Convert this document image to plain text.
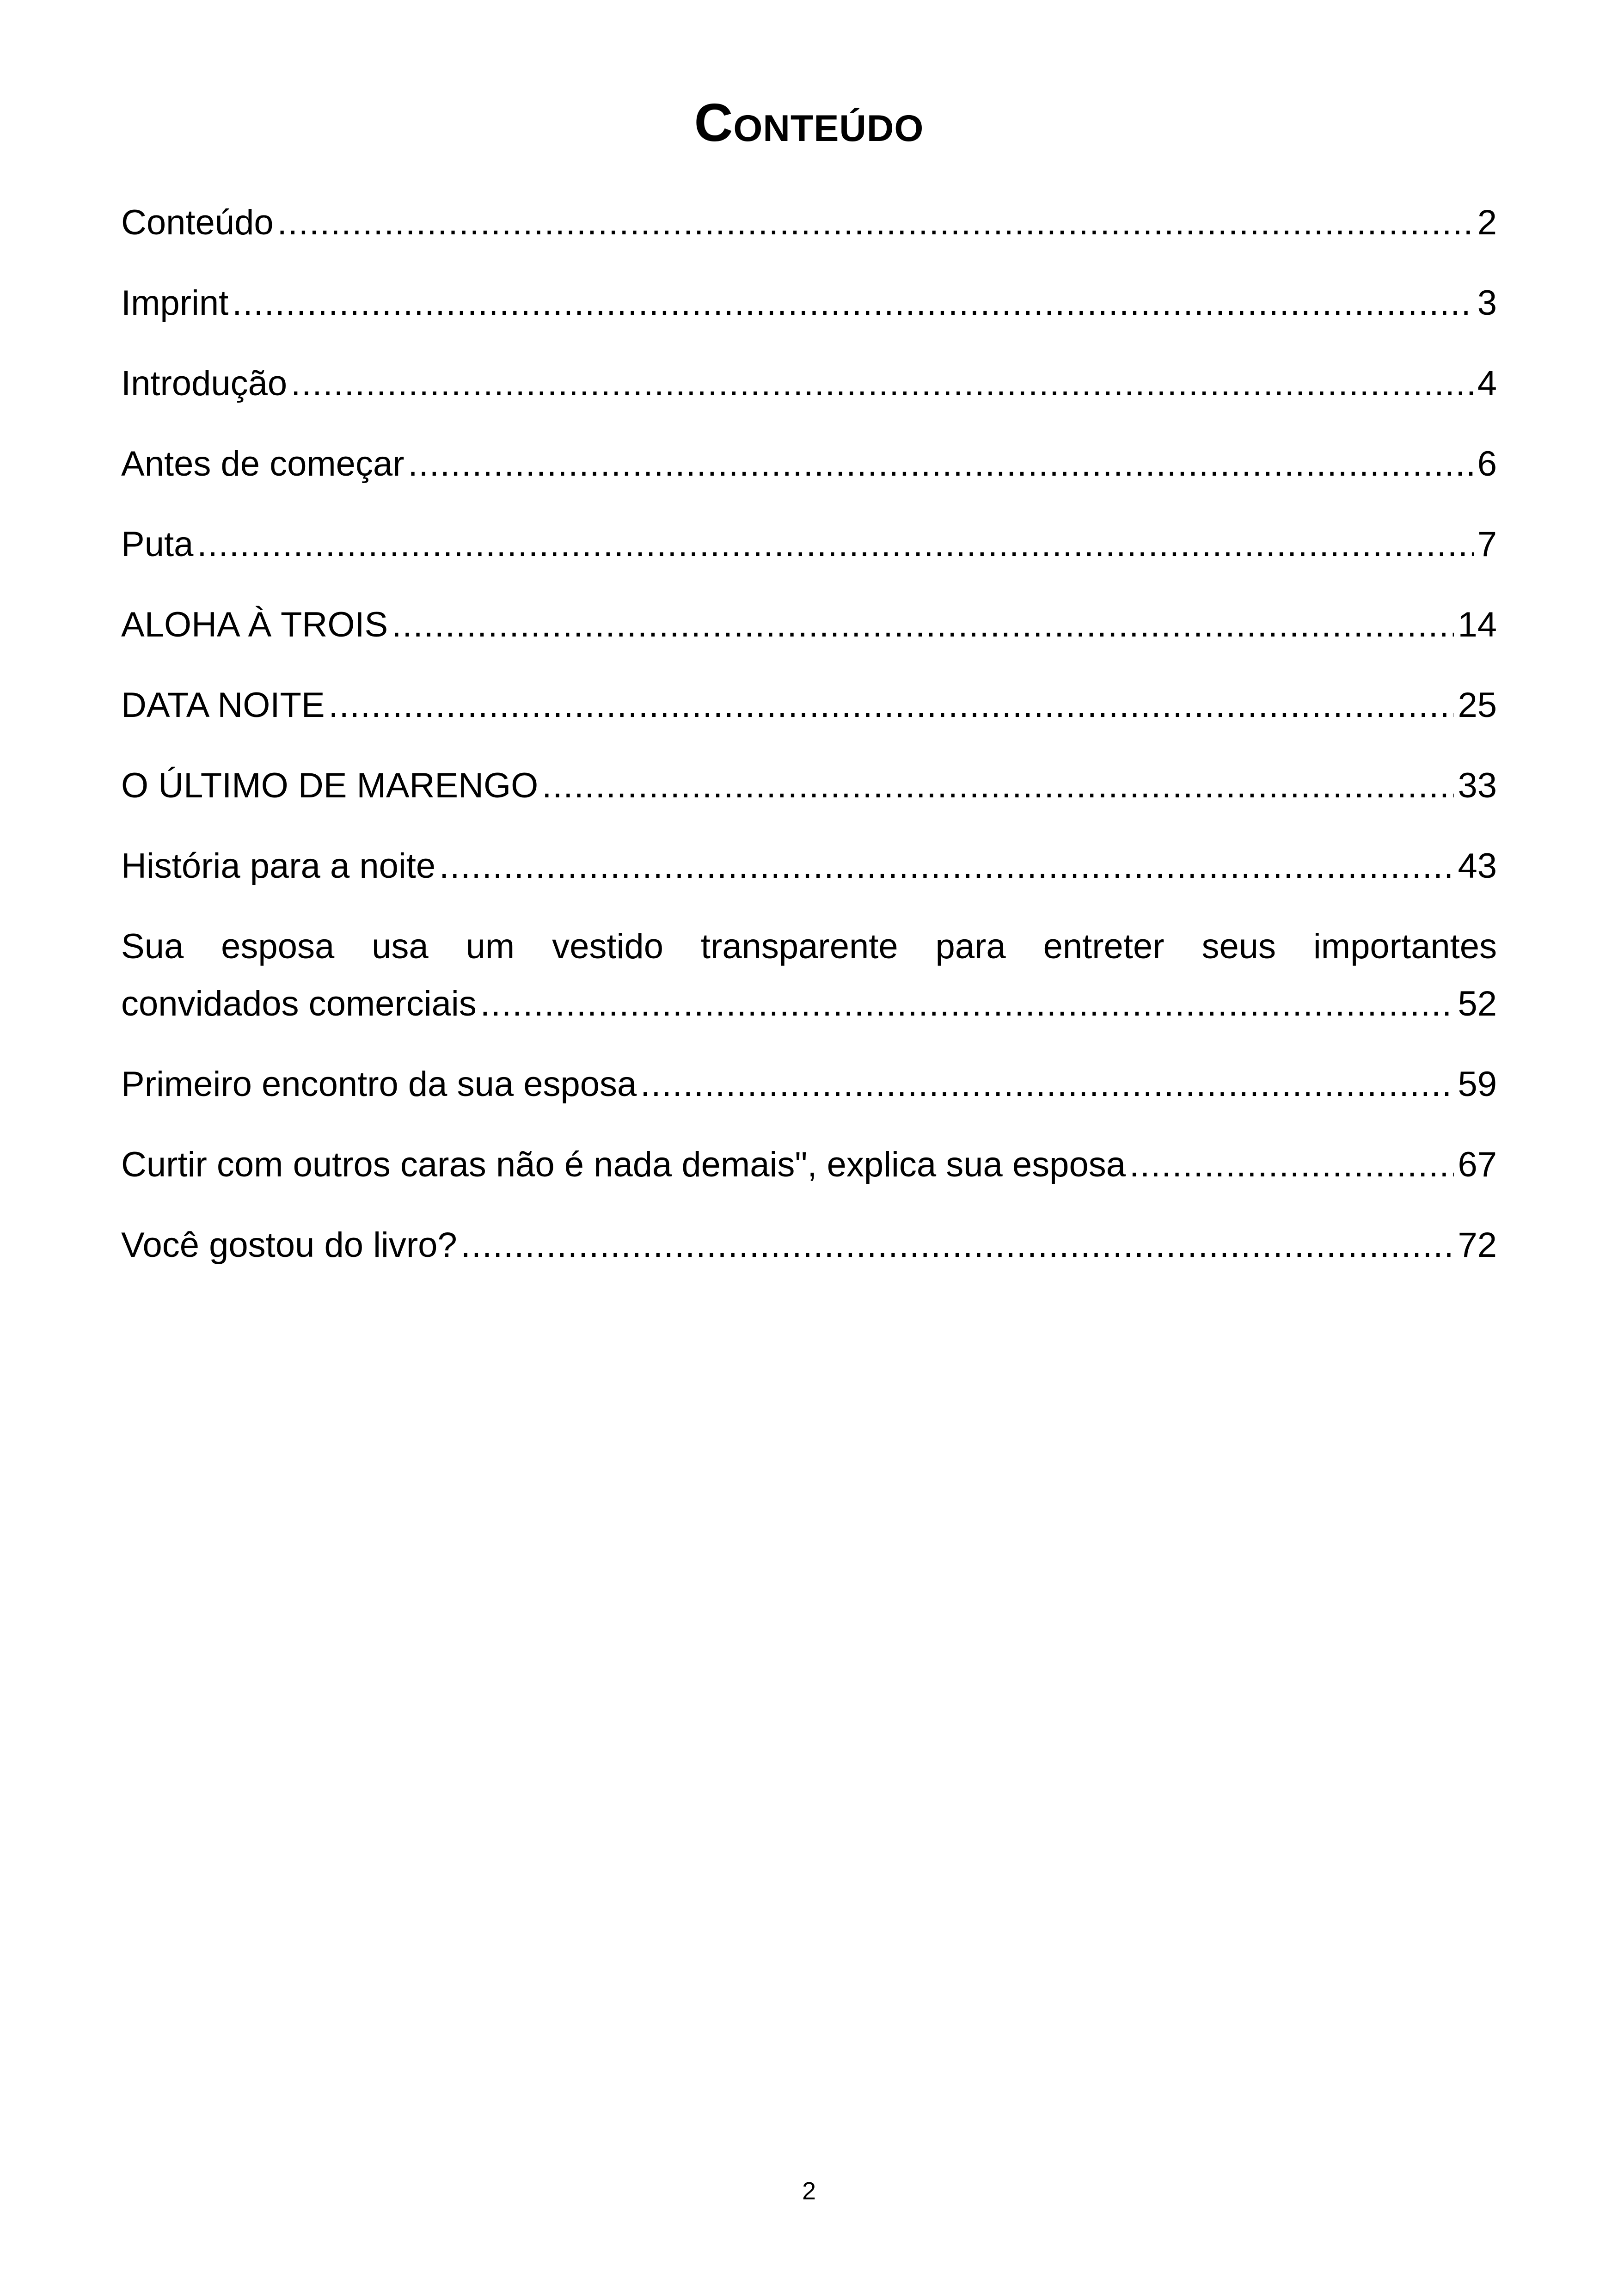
Conteúdo
Conteúdo .....	2
Imprint .....	3
Introdução .....	4
Antes de começar .....	6
Puta .....	7
ALOHA À TROIS .....	14
DATA NOITE .....	25
O ÚLTIMO DE MARENGO .....	33
História para a noite .....	43
Sua esposa usa um vestido transparente para entreter seus importantes
convidados comerciais .....	52
Primeiro encontro da sua esposa .....	59
Curtir com outros caras não é nada demais", explica sua esposa .....	67
Você gostou do livro? .....	72
2
